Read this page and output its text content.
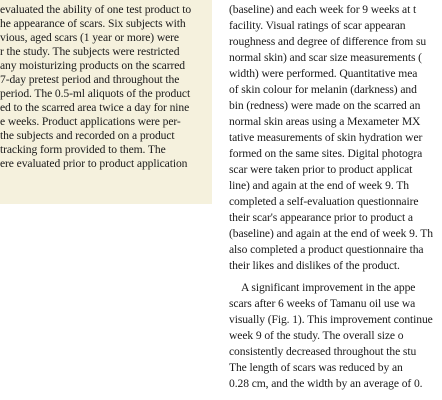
evaluated the ability of one test product to
he appearance of scars. Six subjects with
vious, aged scars (1 year or more) were
r the study. The subjects were restricted
any moisturizing products on the scarred
7-day pretest period and throughout the
period. The 0.5-ml aliquots of the product
ed to the scarred area twice a day for nine
e weeks. Product applications were per-
the subjects and recorded on a product
tracking form provided to them. The
ere evaluated prior to product application
(baseline) and each week for 9 weeks at t
facility. Visual ratings of scar appearan
roughness and degree of difference from su
normal skin) and scar size measurements (
width) were performed. Quantitative mea
of skin colour for melanin (darkness) and
bin (redness) were made on the scarred an
normal skin areas using a Mexameter MX
tative measurements of skin hydration wer
formed on the same sites. Digital photogra
scar were taken prior to product applicat
line) and again at the end of week 9. Th
completed a self-evaluation questionnaire
their scar's appearance prior to product a
(baseline) and again at the end of week 9. Th
also completed a product questionnaire tha
their likes and dislikes of the product.
A significant improvement in the appe
scars after 6 weeks of Tamanu oil use wa
visually (Fig. 1). This improvement continue
week 9 of the study. The overall size o
consistently decreased throughout the stu
The length of scars was reduced by an
0.28 cm, and the width by an average of 0.
